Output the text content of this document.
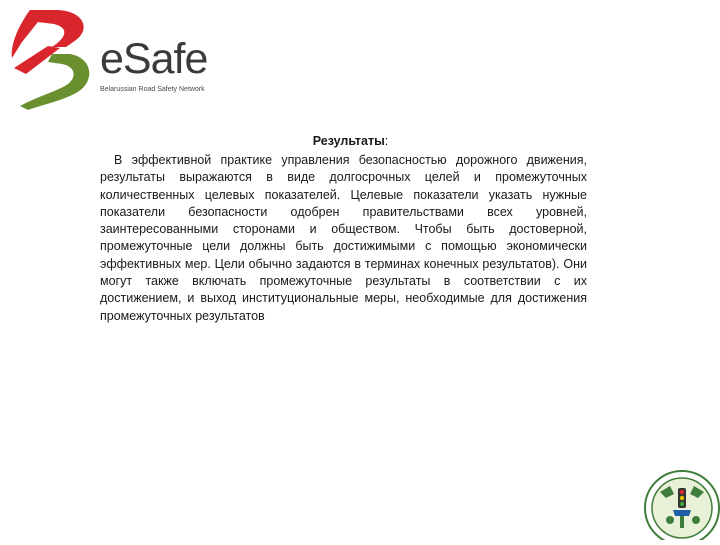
eSafe
Belarussian Road Safety Network

Результаты:

В эффективной практике управления безопасностью дорожного движения, результаты выражаются в виде долгосрочных целей и промежуточных количественных целевых показателей. Целевые показатели указать нужные показатели безопасности одобрен правительствами всех уровней, заинтересованными сторонами и обществом. Чтобы быть достоверной, промежуточные цели должны быть достижимыми с помощью экономически эффективных мер. Цели обычно задаются в терминах конечных результатов). Они могут также включать промежуточные результаты в соответствии с их достижением, и выход институциональные меры, необходимые для достижения промежуточных результатов
